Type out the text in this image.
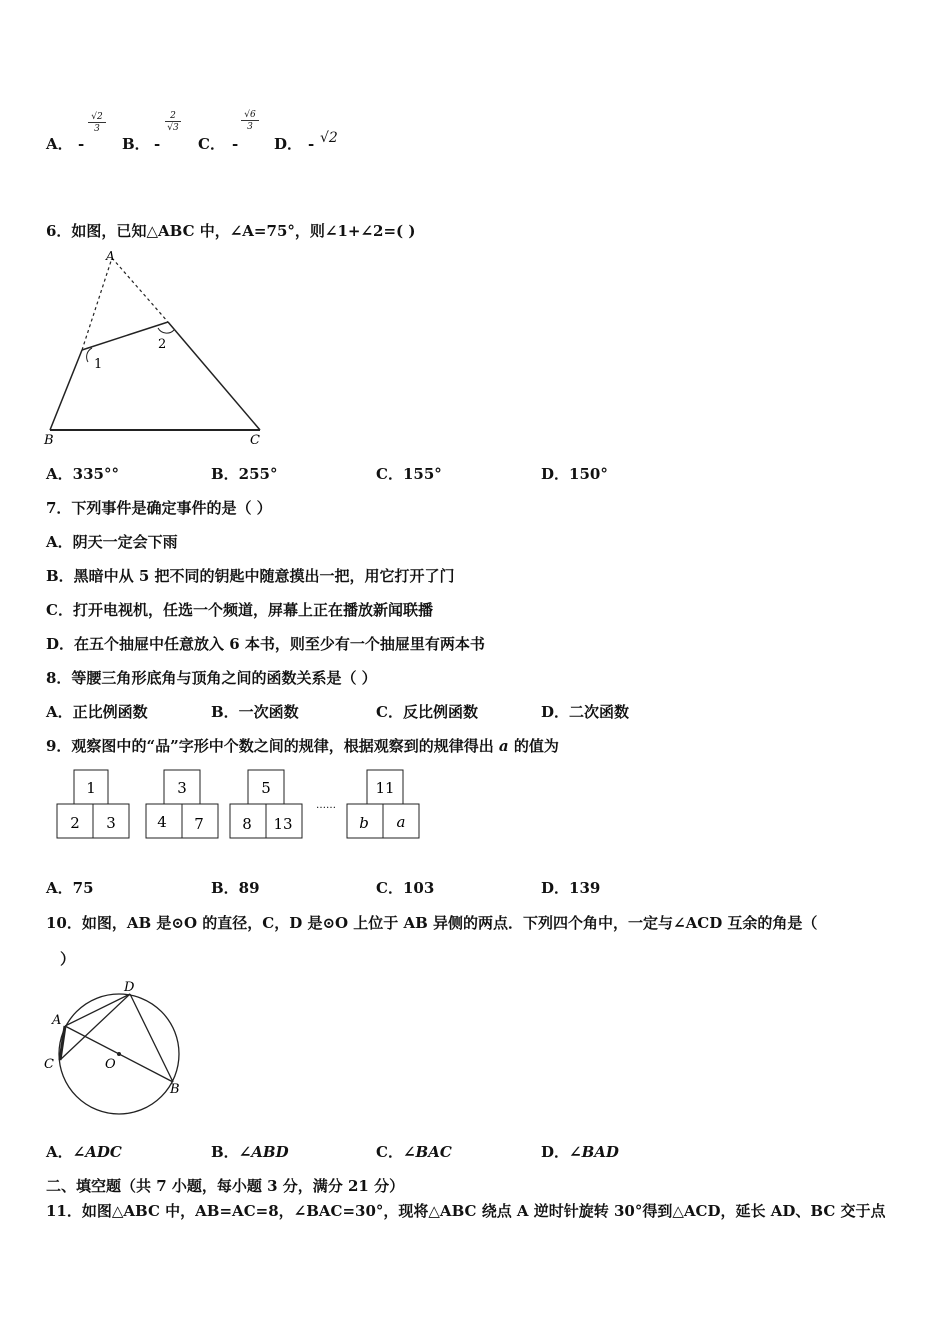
A． -
√2
3
B． -
2
√3
C． -
√6
3
D． - √2
6．如图，已知△ABC 中，∠A=75°，则∠1+∠2=( )
A
B	C
1
2
A．335°°	B．255°	C．155°	D．150°
7．下列事件是确定事件的是（ ）
A．阴天一定会下雨
B．黑暗中从 5 把不同的钥匙中随意摸出一把，用它打开了门
C．打开电视机，任选一个频道，屏幕上正在播放新闻联播
D．在五个抽屉中任意放入 6 本书，则至少有一个抽屉里有两本书
8．等腰三角形底角与顶角之间的函数关系是（ ）
A．正比例函数	B．一次函数	C．反比例函数	D．二次函数
9．观察图中的“品”字形中个数之间的规律，根据观察到的规律得出 a 的值为
1
2 3
3
4 7
5
8 13
……
11
b a
A．75	B．89	C．103	D．139
10．如图，AB 是⊙O 的直径，C，D 是⊙O 上位于 AB 异侧的两点．下列四个角中，一定与∠ACD 互余的角是（
）
A
B
C
D
O
A．∠ADC	B．∠ABD	C．∠BAC	D．∠BAD
二、填空题（共 7 小题，每小题 3 分，满分 21 分）
11．如图△ABC 中，AB=AC=8，∠BAC=30°，现将△ABC 绕点 A 逆时针旋转 30°得到△ACD，延长 AD、BC 交于点
